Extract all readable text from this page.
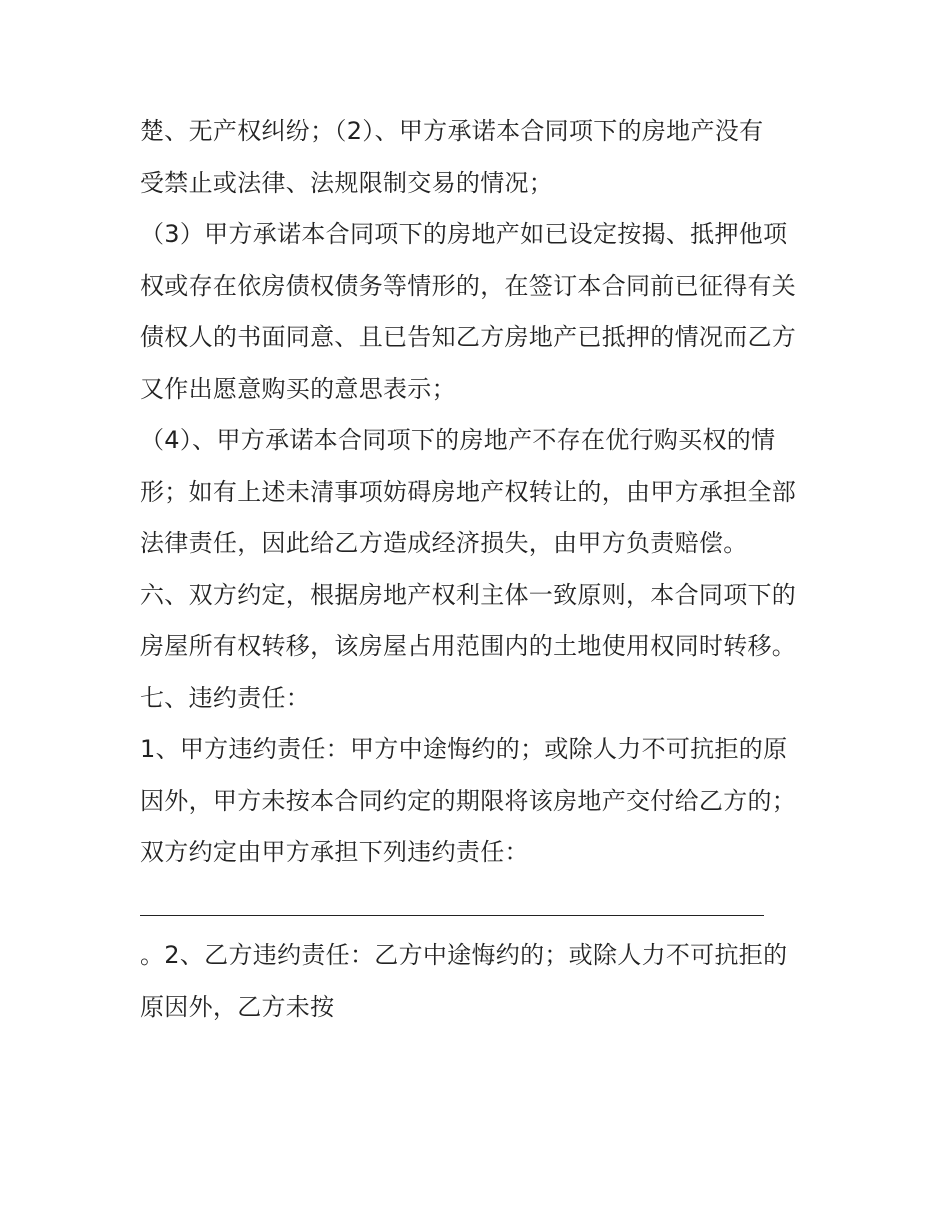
楚、无产权纠纷；（2）、甲方承诺本合同项下的房地产没有
受禁止或法律、法规限制交易的情况；
（3）甲方承诺本合同项下的房地产如已设定按揭、抵押他项
权或存在依房债权债务等情形的，在签订本合同前已征得有关
债权人的书面同意、且已告知乙方房地产已抵押的情况而乙方
又作出愿意购买的意思表示；
（4）、甲方承诺本合同项下的房地产不存在优行购买权的情
形；如有上述未清事项妨碍房地产权转让的，由甲方承担全部
法律责任，因此给乙方造成经济损失，由甲方负责赔偿。
六、双方约定，根据房地产权利主体一致原则，本合同项下的
房屋所有权转移，该房屋占用范围内的土地使用权同时转移。
七、违约责任：
1、甲方违约责任：甲方中途悔约的；或除人力不可抗拒的原
因外，甲方未按本合同约定的期限将该房地产交付给乙方的；
双方约定由甲方承担下列违约责任：
。2、乙方违约责任：乙方中途悔约的；或除人力不可抗拒的
原因外，乙方未按
